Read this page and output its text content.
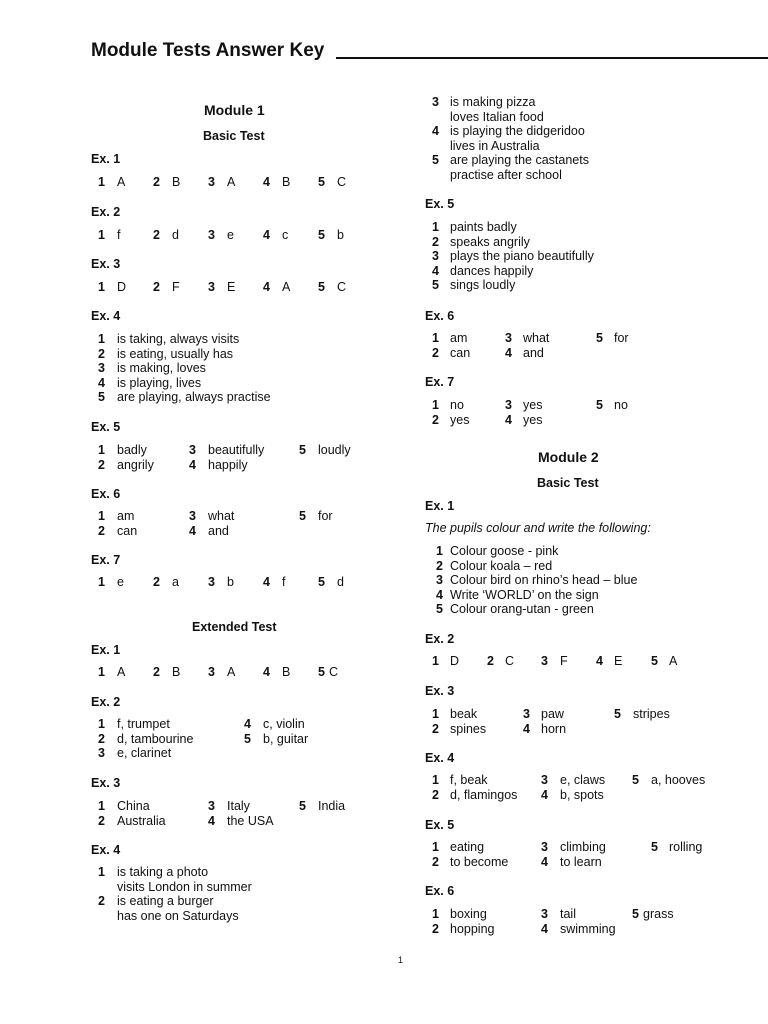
Module Tests Answer Key
Module 1
Basic Test
Ex. 1
1 A 2 B 3 A 4 B 5 C
Ex. 2
1 f	2 d 3 e 4 c 5 b
Ex. 3
1 D 2 F 3 E 4 A 5 C
Ex. 4
1 is taking, always visits
2 is eating, usually has
3 is making, loves
4 is playing, lives
5 are playing, always practise
Ex. 5
1 badly	3 beautifully	5 loudly
2 angrily	4 happily
Ex. 6
1 am	3 what	5 for
2 can	4 and
Ex. 7
1 e 2 a 3 b 4 f	5 d
Extended Test
Ex. 1
1 A 2 B 3 A 4 B 5 C
Ex. 2
1 f, trumpet	4 c, violin
2 d, tambourine	5 b, guitar
3 e, clarinet
Ex. 3
1 China	3 Italy	5 India
2 Australia	4 the USA
Ex. 4
1 is taking a photo
visits London in summer
2 is eating a burger
has one on Saturdays
3 is making pizza
loves Italian food
4 is playing the didgeridoo
lives in Australia
5 are playing the castanets
practise after school
Ex. 5
1 paints badly
2 speaks angrily
3 plays the piano beautifully
4 dances happily
5 sings loudly
Ex. 6
1 am	3 what	5 for
2 can	4 and
Ex. 7
1 no	3 yes	5 no
2 yes	4 yes
Module 2
Basic Test
Ex. 1
The pupils colour and write the following:
1 Colour goose - pink
2 Colour koala – red
3 Colour bird on rhino’s head – blue
4 Write ‘WORLD’ on the sign
5 Colour orang-utan - green
Ex. 2
1 D 2 C 3 F 4 E 5 A
Ex. 3
1 beak	3 paw	5 stripes
2 spines	4 horn
Ex. 4
1 f, beak	3 e, claws 5 a, hooves
2 d, flamingos 4 b, spots
Ex. 5
1 eating	3 climbing	5 rolling
2 to become	4 to learn
Ex. 6
1 boxing	3 tail	5 grass
2 hopping	4 swimming
1
